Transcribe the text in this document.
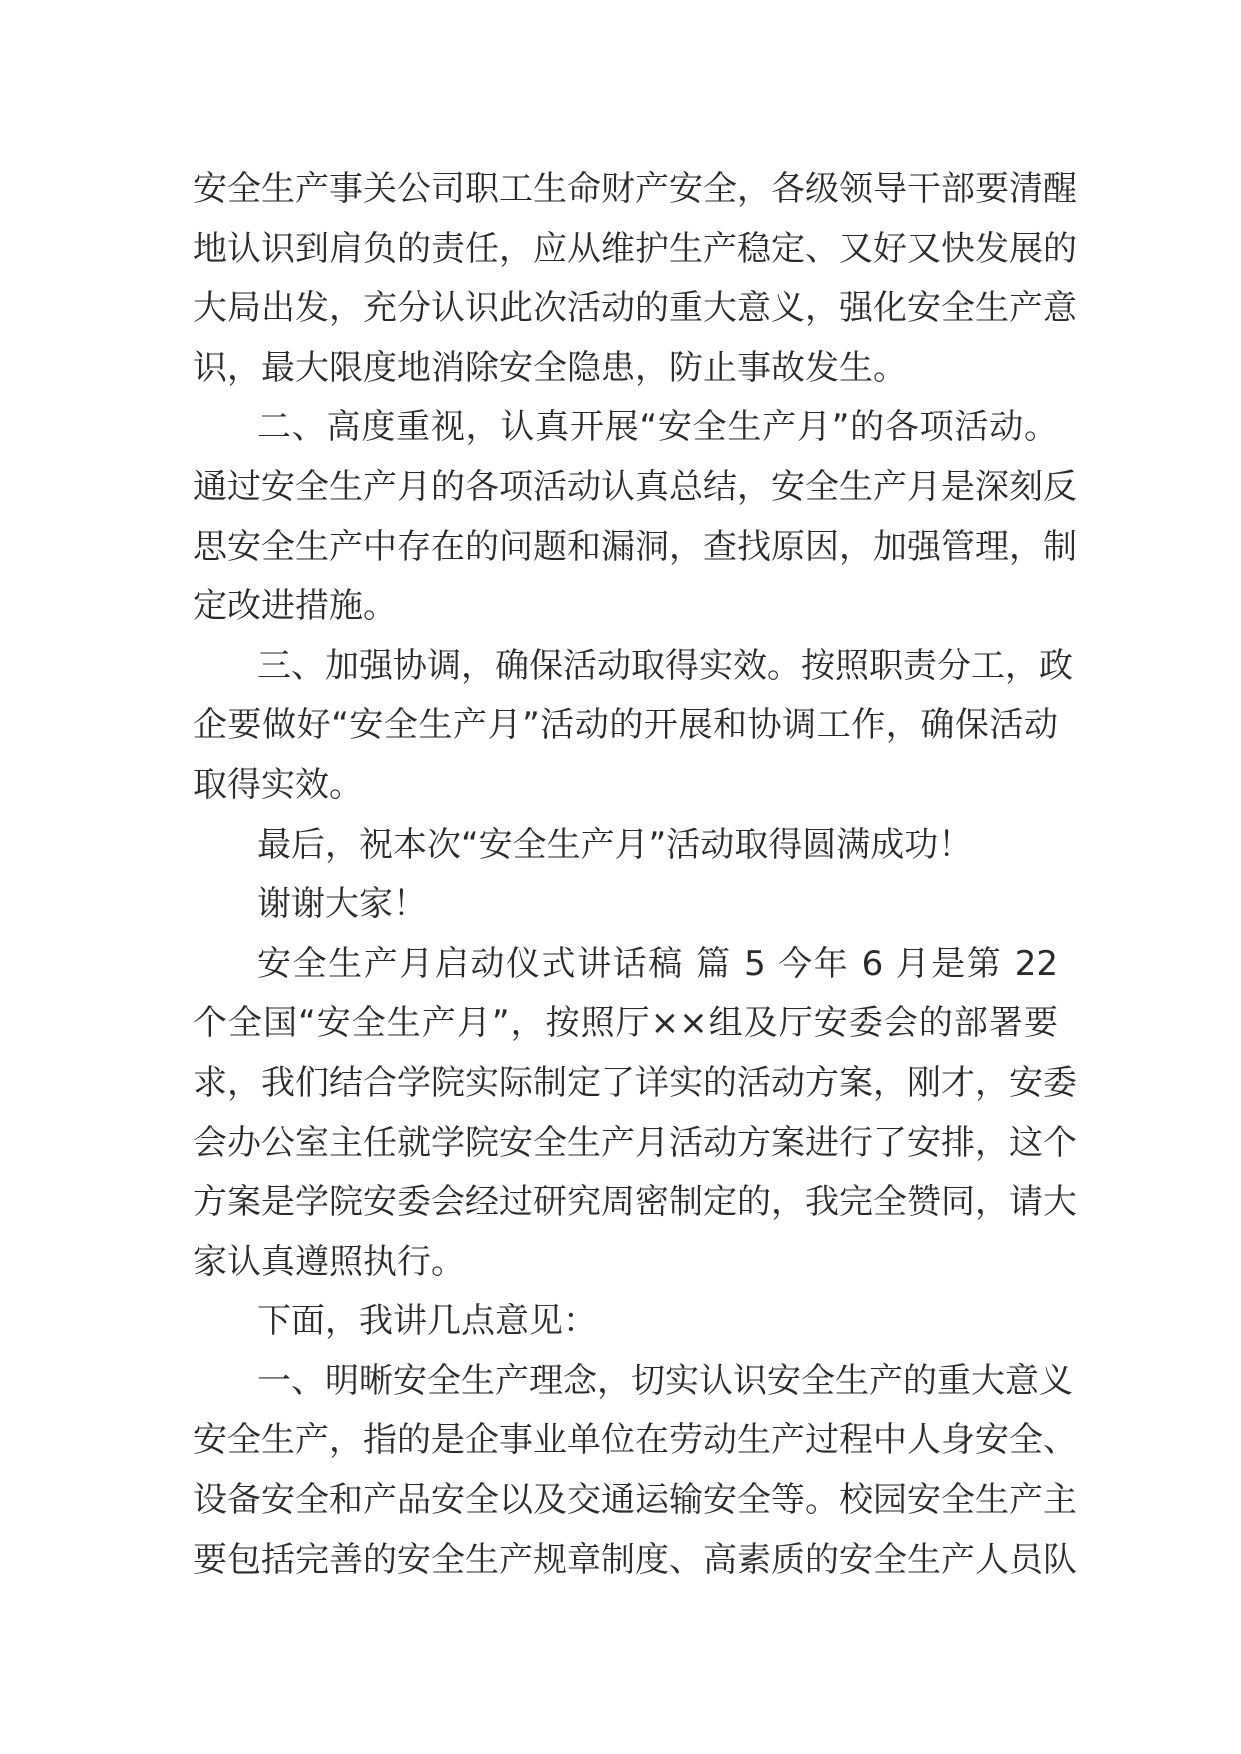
安全生产事关公司职工生命财产安全，各级领导干部要清醒
地认识到肩负的责任，应从维护生产稳定、又好又快发展的
大局出发，充分认识此次活动的重大意义，强化安全生产意
识，最大限度地消除安全隐患，防止事故发生。
二、高度重视，认真开展“安全生产月”的各项活动。
通过安全生产月的各项活动认真总结，安全生产月是深刻反
思安全生产中存在的问题和漏洞，查找原因，加强管理，制
定改进措施。
三、加强协调，确保活动取得实效。按照职责分工，政
企要做好“安全生产月”活动的开展和协调工作，确保活动
取得实效。
最后，祝本次“安全生产月”活动取得圆满成功！
谢谢大家！
安全生产月启动仪式讲话稿 篇 5 今年 6 月是第 22
个全国“安全生产月”，按照厅××组及厅安委会的部署要
求，我们结合学院实际制定了详实的活动方案，刚才，安委
会办公室主任就学院安全生产月活动方案进行了安排，这个
方案是学院安委会经过研究周密制定的，我完全赞同，请大
家认真遵照执行。
下面，我讲几点意见：
一、明晰安全生产理念，切实认识安全生产的重大意义
安全生产，指的是企事业单位在劳动生产过程中人身安全、
设备安全和产品安全以及交通运输安全等。校园安全生产主
要包括完善的安全生产规章制度、高素质的安全生产人员队
